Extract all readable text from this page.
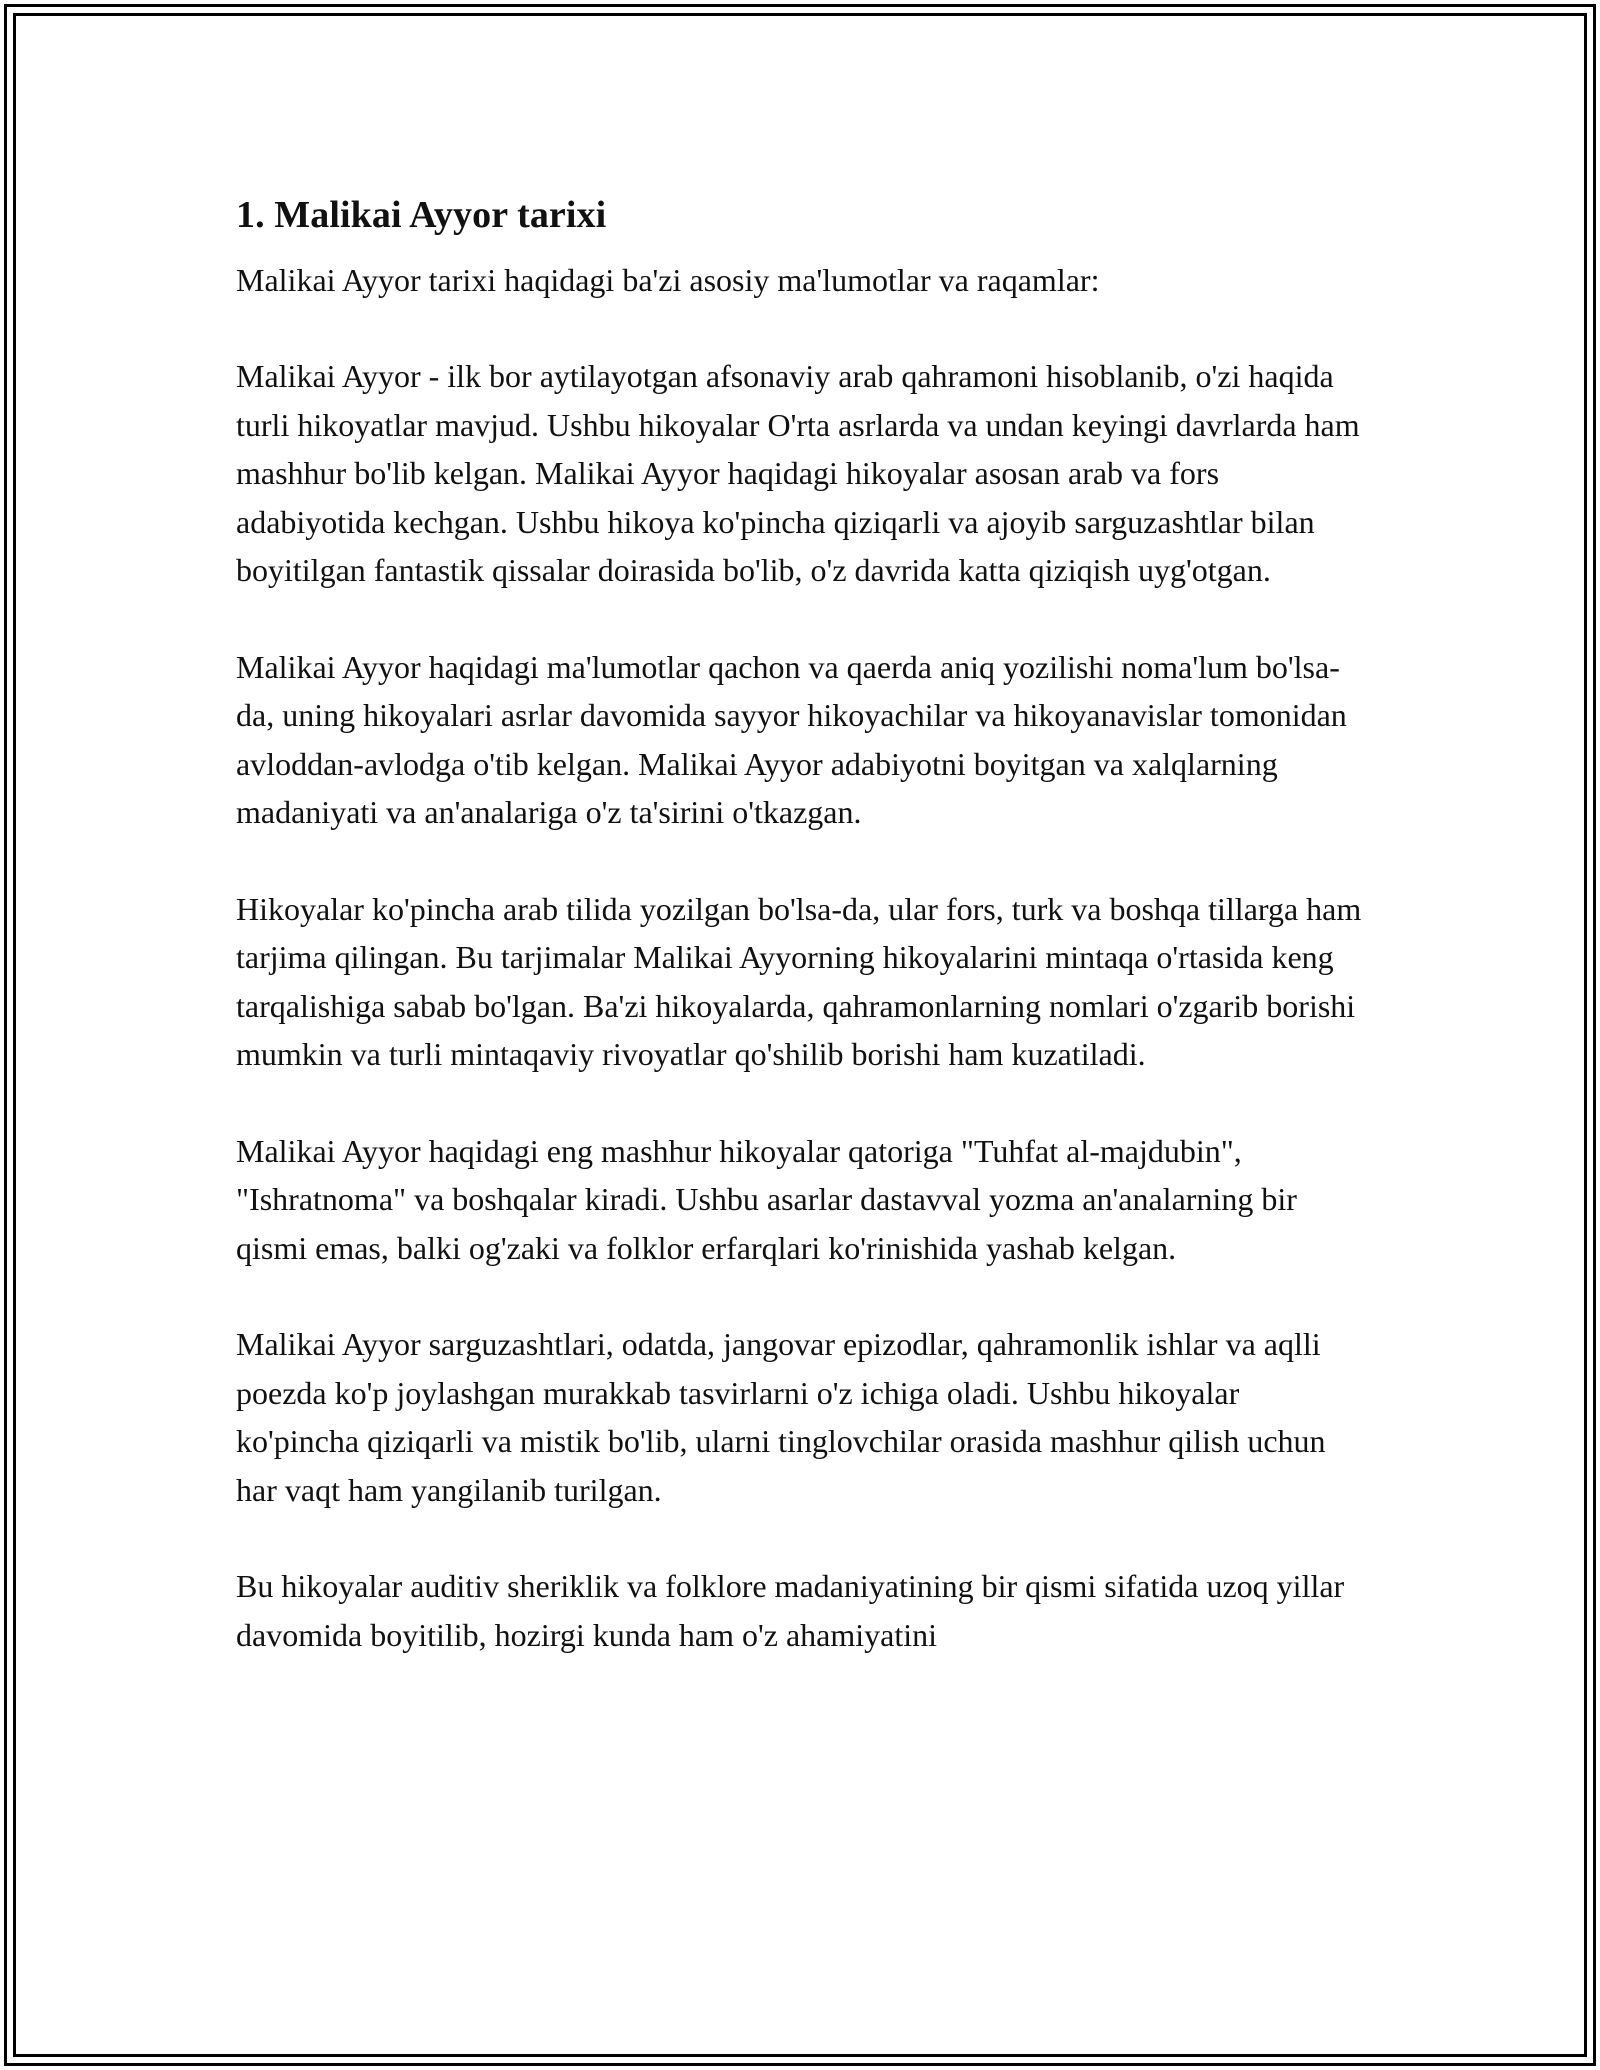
1. Malikai Ayyor tarixi

Malikai Ayyor tarixi haqidagi ba'zi asosiy ma'lumotlar va raqamlar:

Malikai Ayyor - ilk bor aytilayotgan afsonaviy arab qahramoni hisoblanib, o'zi haqida turli hikoyatlar mavjud. Ushbu hikoyalar O'rta asrlarda va undan keyingi davrlarda ham mashhur bo'lib kelgan. Malikai Ayyor haqidagi hikoyalar asosan arab va fors adabiyotida kechgan. Ushbu hikoya ko'pincha qiziqarli va ajoyib sarguzashtlar bilan boyitilgan fantastik qissalar doirasida bo'lib, o'z davrida katta qiziqish uyg'otgan.

Malikai Ayyor haqidagi ma'lumotlar qachon va qaerda aniq yozilishi noma'lum bo'lsa-da, uning hikoyalari asrlar davomida sayyor hikoyachilar va hikoyanavislar tomonidan avloddan-avlodga o'tib kelgan. Malikai Ayyor adabiyotni boyitgan va xalqlarning madaniyati va an'analariga o'z ta'sirini o'tkazgan.

Hikoyalar ko'pincha arab tilida yozilgan bo'lsa-da, ular fors, turk va boshqa tillarga ham tarjima qilingan. Bu tarjimalar Malikai Ayyorning hikoyalarini mintaqa o'rtasida keng tarqalishiga sabab bo'lgan. Ba'zi hikoyalarda, qahramonlarning nomlari o'zgarib borishi mumkin va turli mintaqaviy rivoyatlar qo'shilib borishi ham kuzatiladi.

Malikai Ayyor haqidagi eng mashhur hikoyalar qatoriga "Tuhfat al-majdubin", "Ishratnoma" va boshqalar kiradi. Ushbu asarlar dastavval yozma an'analarning bir qismi emas, balki og'zaki va folklor erfarqlari ko'rinishida yashab kelgan.

Malikai Ayyor sarguzashtlari, odatda, jangovar epizodlar, qahramonlik ishlar va aqlli poezda ko'p joylashgan murakkab tasvirlarni o'z ichiga oladi. Ushbu hikoyalar ko'pincha qiziqarli va mistik bo'lib, ularni tinglovchilar orasida mashhur qilish uchun har vaqt ham yangilanib turilgan.

Bu hikoyalar auditiv sheriklik va folklore madaniyatining bir qismi sifatida uzoq yillar davomida boyitilib, hozirgi kunda ham o'z ahamiyatini
